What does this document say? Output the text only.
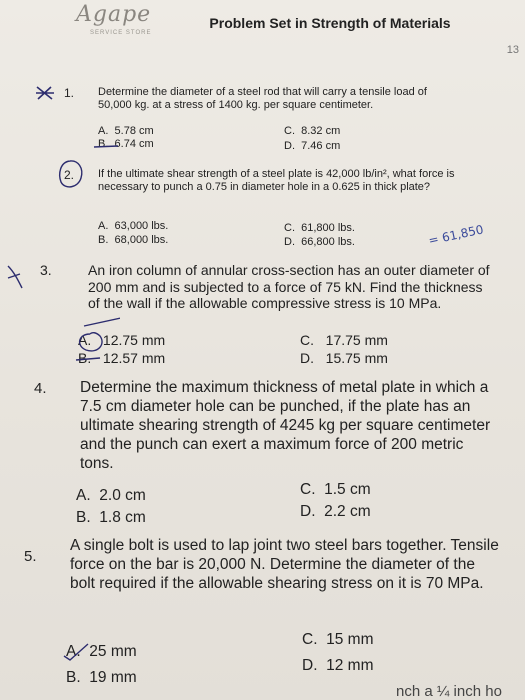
Agape
SERVICE STORE
Problem Set in Strength of Materials
13
1. Determine the diameter of a steel rod that will carry a tensile load of 50,000 kg. at a stress of 1400 kg. per square centimeter.
A. 5.78 cm
B. 6.74 cm
C. 8.32 cm
D. 7.46 cm
2. If the ultimate shear strength of a steel plate is 42,000 lb/in², what force is necessary to punch a 0.75 in diameter hole in a 0.625 in thick plate?
A. 63,000 lbs.
B. 68,000 lbs.
C. 61,800 lbs.
D. 66,800 lbs.	= 61,850
3.	An iron column of annular cross-section has an outer diameter of 200 mm and is subjected to a force of 75 kN. Find the thickness of the wall if the allowable compressive stress is 10 MPa.
A. 12.75 mm
B. 12.57 mm
C. 17.75 mm
D. 15.75 mm
4. Determine the maximum thickness of metal plate in which a 7.5 cm diameter hole can be punched, if the plate has an ultimate shearing strength of 4245 kg per square centimeter and the punch can exert a maximum force of 200 metric tons.
A. 2.0 cm
B. 1.8 cm
C. 1.5 cm
D. 2.2 cm
5.
A single bolt is used to lap joint two steel bars together. Tensile force on the bar is 20,000 N. Determine the diameter of the bolt required if the allowable shearing stress on it is 70 MPa.
A. 25 mm
B. 19 mm
C. 15 mm
D. 12 mm
nch a ¼ inch ho
